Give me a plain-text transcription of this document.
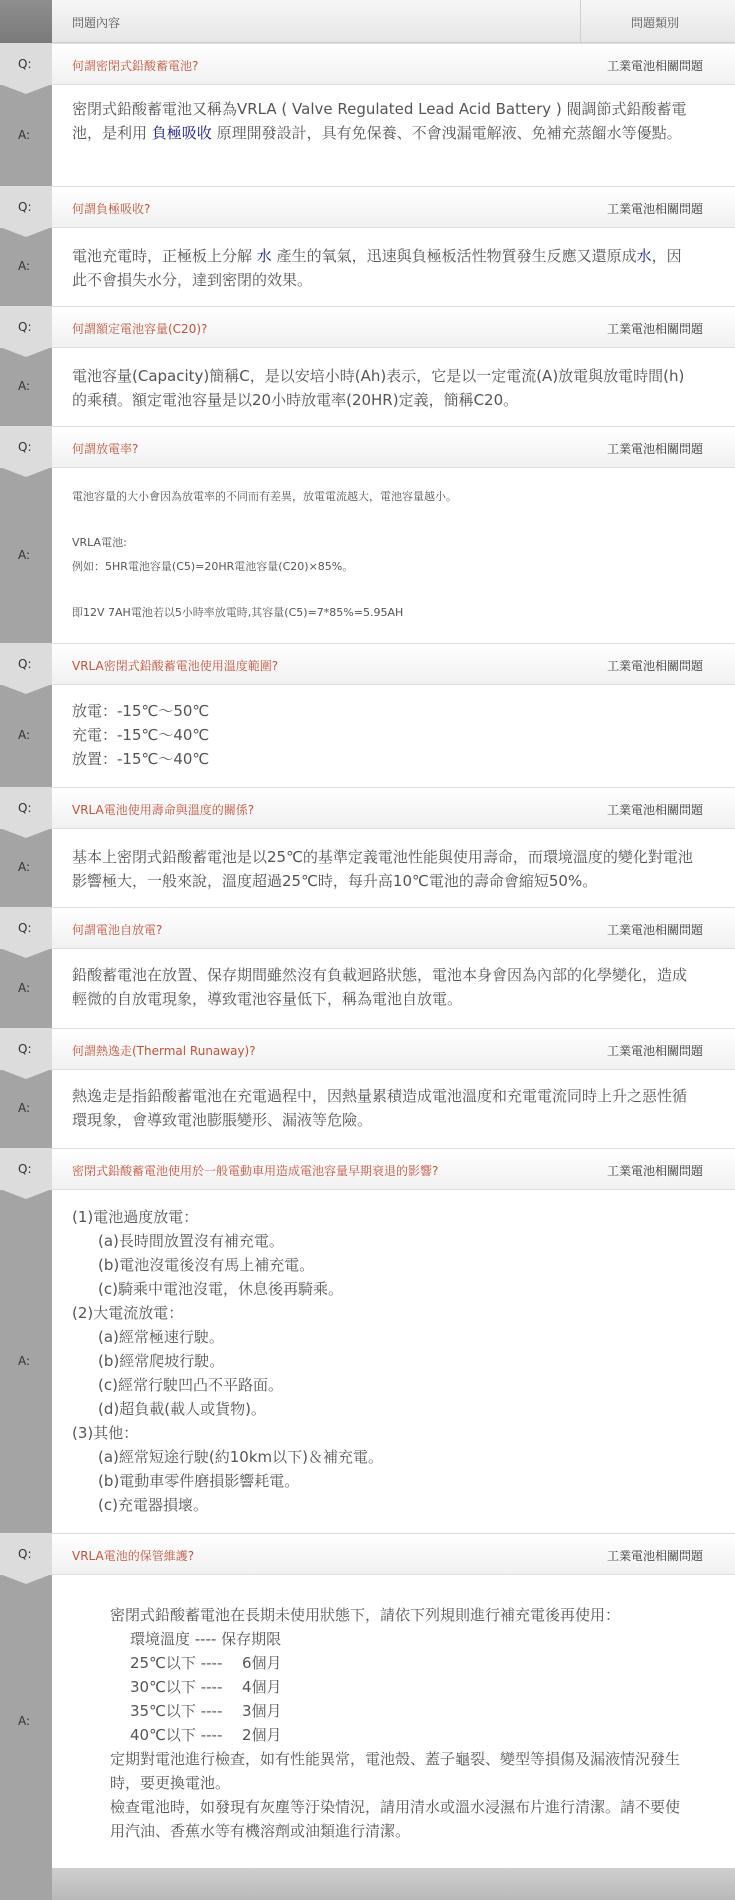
問題內容	問題類別
Q:	何謂密閉式鉛酸蓄電池?	工業電池相關問題
A:
密閉式鉛酸蓄電池又稱為VRLA ( Valve Regulated Lead Acid Battery ) 閥調節式鉛酸蓄電池，是利用 負極吸收 原理開發設計，具有免保養、不會洩漏電解液、免補充蒸餾水等優點。
Q:	何謂負極吸收?	工業電池相關問題
A:
電池充電時，正極板上分解 水 產生的氧氣，迅速與負極板活性物質發生反應又還原成水，因此不會損失水分，達到密閉的效果。
Q:	何謂額定電池容量(C20)?	工業電池相關問題
A:
電池容量(Capacity)簡稱C，是以安培小時(Ah)表示，它是以一定電流(A)放電與放電時間(h)的乘積。額定電池容量是以20小時放電率(20HR)定義，簡稱C20。
Q:	何謂放電率?	工業電池相關問題
A:
電池容量的大小會因為放電率的不同而有差異，放電電流越大，電池容量越小。
VRLA電池:
例如：5HR電池容量(C5)=20HR電池容量(C20)×85%。
即12V 7AH電池若以5小時率放電時,其容量(C5)=7*85%=5.95AH
Q:	VRLA密閉式鉛酸蓄電池使用溫度範圍?	工業電池相關問題
A:
放電：-15℃～50℃
充電：-15℃～40℃
放置：-15℃～40℃
Q:	VRLA電池使用壽命與溫度的關係?	工業電池相關問題
A:
基本上密閉式鉛酸蓄電池是以25℃的基準定義電池性能與使用壽命，而環境溫度的變化對電池影響極大，一般來說，溫度超過25℃時，每升高10℃電池的壽命會縮短50%。
Q:	何謂電池自放電?	工業電池相關問題
A:
鉛酸蓄電池在放置、保存期間雖然沒有負載迴路狀態，電池本身會因為內部的化學變化，造成輕微的自放電現象，導致電池容量低下，稱為電池自放電。
Q:	何謂熱逸走(Thermal Runaway)?	工業電池相關問題
A:
熱逸走是指鉛酸蓄電池在充電過程中，因熱量累積造成電池溫度和充電電流同時上升之惡性循環現象，會導致電池膨脹變形、漏液等危險。
Q:	密閉式鉛酸蓄電池使用於一般電動車用造成電池容量早期衰退的影響?	工業電池相關問題
A:
(1)電池過度放電：
(a)長時間放置沒有補充電。
(b)電池沒電後沒有馬上補充電。
(c)騎乘中電池沒電，休息後再騎乘。
(2)大電流放電：
(a)經常極速行駛。
(b)經常爬坡行駛。
(c)經常行駛凹凸不平路面。
(d)超負載(載人或貨物)。
(3)其他：
(a)經常短途行駛(約10km以下)＆補充電。
(b)電動車零件磨損影響耗電。
(c)充電器損壞。
Q:	VRLA電池的保管維護?	工業電池相關問題
A:
密閉式鉛酸蓄電池在長期未使用狀態下，請依下列規則進行補充電後再使用：
環境溫度 ---- 保存期限
25℃以下 ---- 6個月
30℃以下 ---- 4個月
35℃以下 ---- 3個月
40℃以下 ---- 2個月
定期對電池進行檢查，如有性能異常，電池殼、蓋子龜裂、變型等損傷及漏液情況發生時，要更換電池。
檢查電池時，如發現有灰塵等汙染情況，請用清水或溫水浸濕布片進行清潔。請不要使用汽油、香蕉水等有機溶劑或油類進行清潔。
